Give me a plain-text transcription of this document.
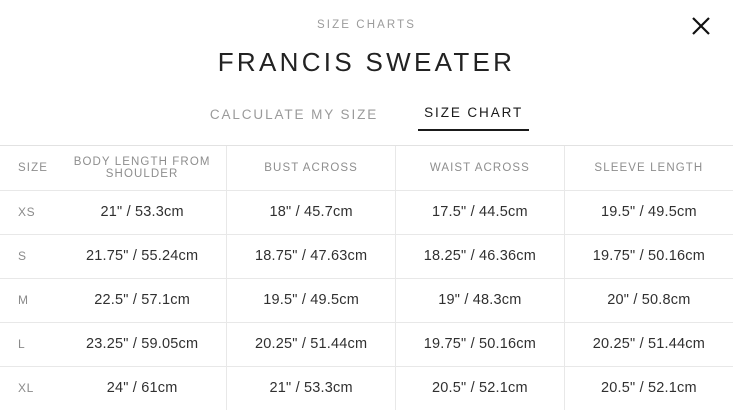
SIZE CHARTS
FRANCIS SWEATER
CALCULATE MY SIZE	SIZE CHART
SIZE	BODY LENGTH FROM SHOULDER	BUST ACROSS	WAIST ACROSS	SLEEVE LENGTH
XS	21" / 53.3cm	18" / 45.7cm	17.5" / 44.5cm	19.5" / 49.5cm
S	21.75" / 55.24cm	18.75" / 47.63cm	18.25" / 46.36cm	19.75" / 50.16cm
M	22.5" / 57.1cm	19.5" / 49.5cm	19" / 48.3cm	20" / 50.8cm
L	23.25" / 59.05cm	20.25" / 51.44cm	19.75" / 50.16cm	20.25" / 51.44cm
XL	24" / 61cm	21" / 53.3cm	20.5" / 52.1cm	20.5" / 52.1cm
